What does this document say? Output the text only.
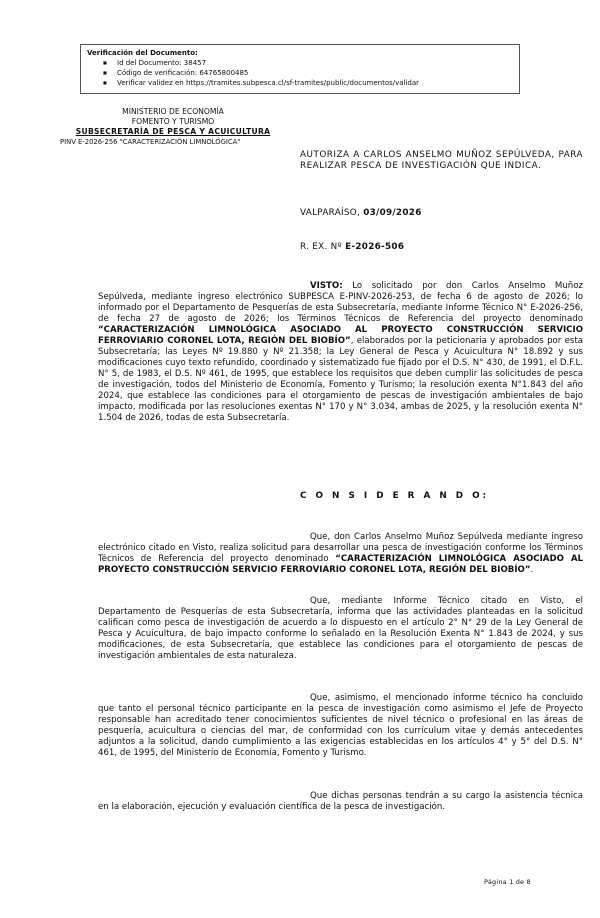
Verificación del Documento:
■ Id del Documento: 38457
■ Código de verificación: 64765800485
■ Verificar validez en https://tramites.subpesca.cl/sf-tramites/public/documentos/validar
MINISTERIO DE ECONOMÍA
FOMENTO Y TURISMO
SUBSECRETARÍA DE PESCA Y ACUICULTURA
PINV E-2026-256 "CARACTERIZACIÓN LIMNOLÓGICA"
AUTORIZA A CARLOS ANSELMO MUÑOZ SEPÚLVEDA, PARA REALIZAR PESCA DE INVESTIGACIÓN QUE INDICA.
VALPARAÍSO, 03/09/2026
R. EX. Nº E-2026-506
VISTO: Lo solicitado por don Carlos Anselmo Muñoz Sepúlveda, mediante ingreso electrónico SUBPESCA E-PINV-2026-253, de fecha 6 de agosto de 2026; lo informado por el Departamento de Pesquerías de esta Subsecretaría, mediante Informe Técnico N° E-2026-256, de fecha 27 de agosto de 2026; los Términos Técnicos de Referencia del proyecto denominado “CARACTERIZACIÓN LIMNOLÓGICA ASOCIADO AL PROYECTO CONSTRUCCIÓN SERVICIO FERROVIARIO CORONEL LOTA, REGIÓN DEL BIOBÍO”, elaborados por la peticionaria y aprobados por esta Subsecretaría; las Leyes Nº 19.880 y Nº 21.358; la Ley General de Pesca y Acuicultura N° 18.892 y sus modificaciones cuyo texto refundido, coordinado y sistematizado fue fijado por el D.S. N° 430, de 1991, el D.F.L. N° 5, de 1983, el D.S. Nº 461, de 1995, que establece los requisitos que deben cumplir las solicitudes de pesca de investigación, todos del Ministerio de Economía, Fomento y Turismo; la resolución exenta N°1.843 del año 2024, que establece las condiciones para el otorgamiento de pescas de investigación ambientales de bajo impacto, modificada por las resoluciones exentas N° 170 y N° 3.034, ambas de 2025, y la resolución exenta N° 1.504 de 2026, todas de esta Subsecretaría.
C O N S I D E R A N D O:
Que, don Carlos Anselmo Muñoz Sepúlveda mediante ingreso electrónico citado en Visto, realiza solicitud para desarrollar una pesca de investigación conforme los Términos Técnicos de Referencia del proyecto denominado “CARACTERIZACIÓN LIMNOLÓGICA ASOCIADO AL PROYECTO CONSTRUCCIÓN SERVICIO FERROVIARIO CORONEL LOTA, REGIÓN DEL BIOBÍO”.
Que, mediante Informe Técnico citado en Visto, el Departamento de Pesquerías de esta Subsecretaría, informa que las actividades planteadas en la solicitud califican como pesca de investigación de acuerdo a lo dispuesto en el artículo 2° N° 29 de la Ley General de Pesca y Acuicultura, de bajo impacto conforme lo señalado en la Resolución Exenta N° 1.843 de 2024, y sus modificaciones, de esta Subsecretaría, que establece las condiciones para el otorgamiento de pescas de investigación ambientales de esta naturaleza.
Que, asimismo, el mencionado informe técnico ha concluido que tanto el personal técnico participante en la pesca de investigación como asimismo el Jefe de Proyecto responsable han acreditado tener conocimientos suficientes de nivel técnico o profesional en las áreas de pesquería, acuicultura o ciencias del mar, de conformidad con los currículum vitae y demás antecedentes adjuntos a la solicitud, dando cumplimiento a las exigencias establecidas en los artículos 4° y 5° del D.S. N° 461, de 1995, del Ministerio de Economía, Fomento y Turismo.
Que dichas personas tendrán a su cargo la asistencia técnica en la elaboración, ejecución y evaluación científica de la pesca de investigación.
Página 1 de 8
